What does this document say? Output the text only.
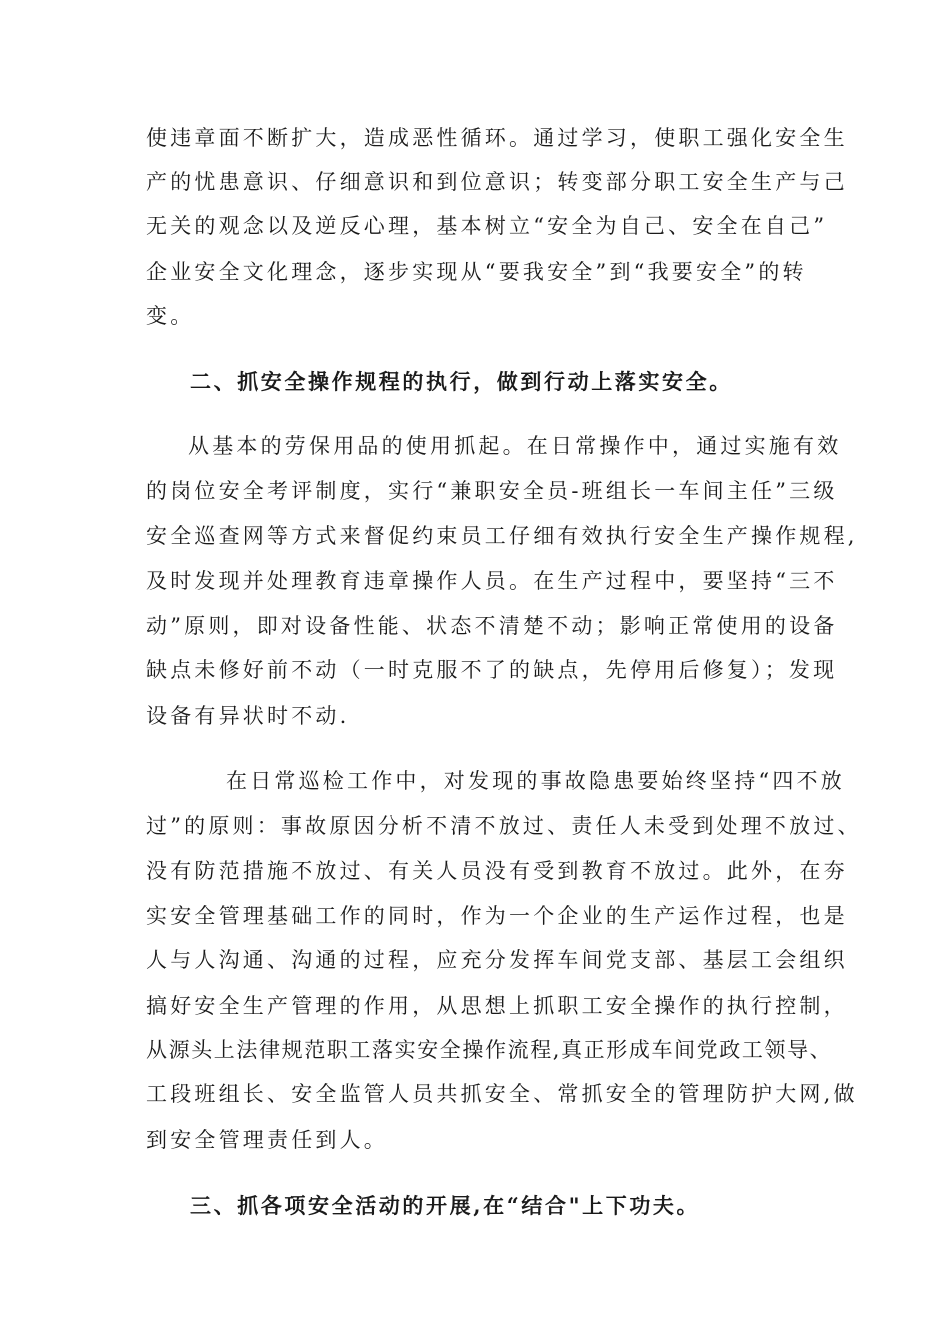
使违章面不断扩大，造成恶性循环。通过学习，使职工强化安全生
产的忧患意识、仔细意识和到位意识；转变部分职工安全生产与己
无关的观念以及逆反心理，基本树立“安全为自己、安全在自己”
企业安全文化理念，逐步实现从“要我安全”到“我要安全”的转
变。
二、抓安全操作规程的执行，做到行动上落实安全。
从基本的劳保用品的使用抓起。在日常操作中，通过实施有效
的岗位安全考评制度，实行“兼职安全员-班组长一车间主任”三级
安全巡查网等方式来督促约束员工仔细有效执行安全生产操作规程,
及时发现并处理教育违章操作人员。在生产过程中，要坚持“三不
动”原则，即对设备性能、状态不清楚不动；影响正常使用的设备
缺点未修好前不动（一时克服不了的缺点，先停用后修复）；发现
设备有异状时不动.
在日常巡检工作中，对发现的事故隐患要始终坚持“四不放
过”的原则：事故原因分析不清不放过、责任人未受到处理不放过、
没有防范措施不放过、有关人员没有受到教育不放过。此外，在夯
实安全管理基础工作的同时，作为一个企业的生产运作过程，也是
人与人沟通、沟通的过程，应充分发挥车间党支部、基层工会组织
搞好安全生产管理的作用，从思想上抓职工安全操作的执行控制，
从源头上法律规范职工落实安全操作流程,真正形成车间党政工领导、
工段班组长、安全监管人员共抓安全、常抓安全的管理防护大网,做
到安全管理责任到人。
三、抓各项安全活动的开展,在“结合"上下功夫。
